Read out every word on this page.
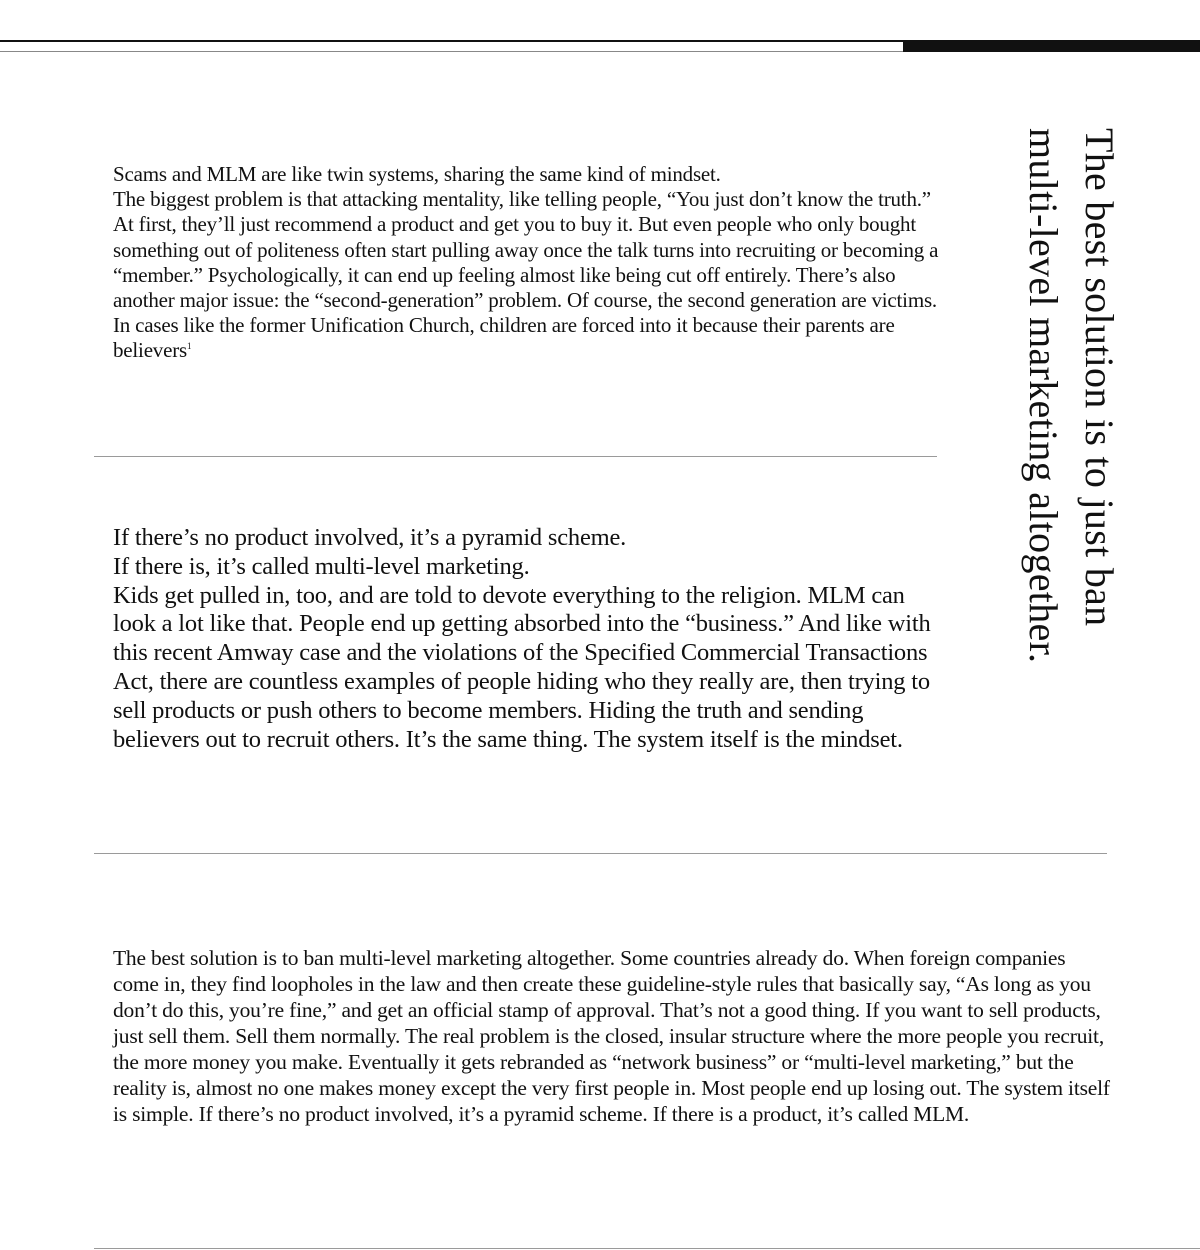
The best solution is to just ban
multi-level marketing altogether.

Scams and MLM are like twin systems, sharing the same kind of mindset.
The biggest problem is that attacking mentality, like telling people, “You just don’t know the truth.” At first, they’ll just recommend a product and get you to buy it. But even people who only bought something out of politeness often start pulling away once the talk turns into recruiting or becoming a “member.” Psychologically, it can end up feeling almost like being cut off entirely. There’s also another major issue: the “second-generation” problem. Of course, the second generation are victims. In cases like the former Unification Church, children are forced into it because their parents are believers$^1$

If there’s no product involved, it’s a pyramid scheme.
If there is, it’s called multi-level marketing.
Kids get pulled in, too, and are told to devote everything to the religion. MLM can look a lot like that. People end up getting absorbed into the “business.” And like with this recent Amway case and the violations of the Specified Commercial Transactions Act, there are countless examples of people hiding who they really are, then trying to sell products or push others to become members. Hiding the truth and sending believers out to recruit others. It’s the same thing. The system itself is the mindset.

The best solution is to ban multi-level marketing altogether. Some countries already do. When foreign companies come in, they find loopholes in the law and then create these guideline-style rules that basically say, “As long as you don’t do this, you’re fine,” and get an official stamp of approval. That’s not a good thing. If you want to sell products, just sell them. Sell them normally. The real problem is the closed, insular structure where the more people you recruit, the more money you make. Eventually it gets rebranded as “network business” or “multi-level marketing,” but the reality is, almost no one makes money except the very first people in. Most people end up losing out. The system itself is simple. If there’s no product involved, it’s a pyramid scheme. If there is a product, it’s called MLM.
